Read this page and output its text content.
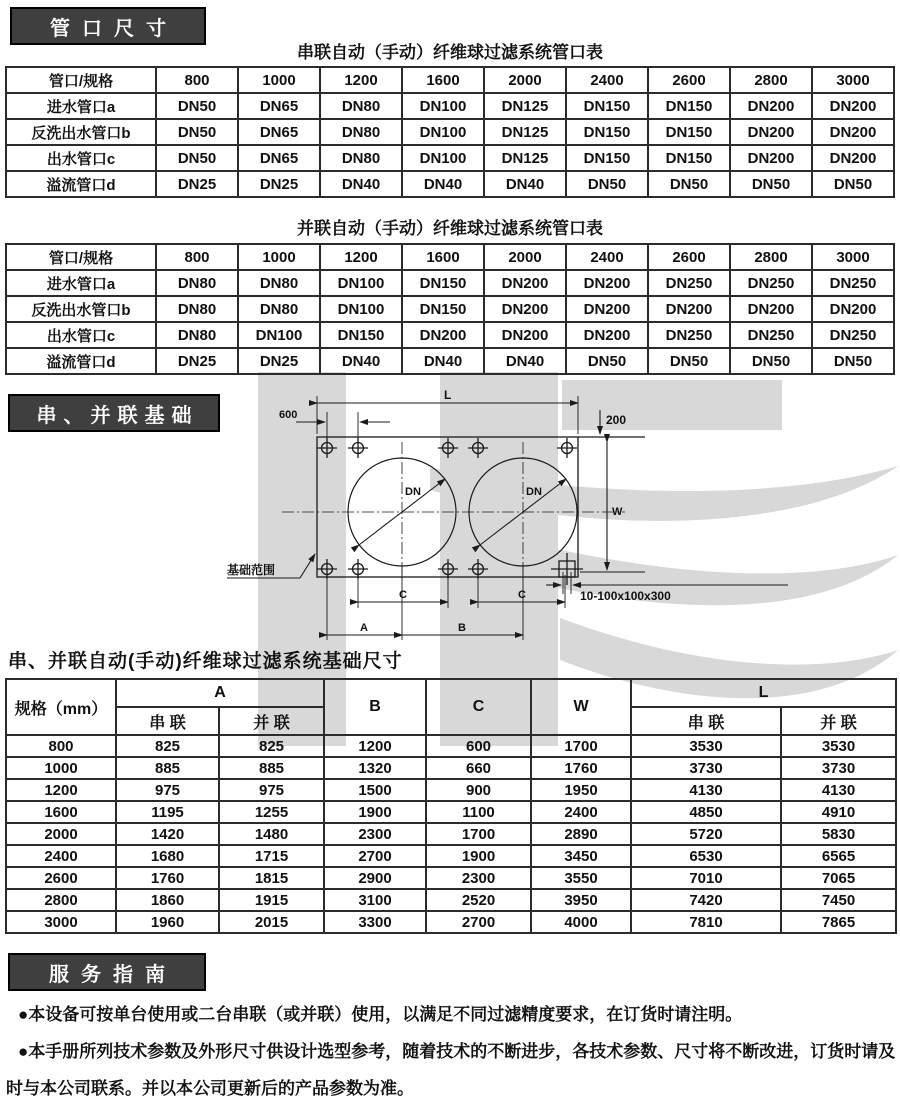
管口尺寸
串联自动（手动）纤维球过滤系统管口表
管口/规格	800	1000	1200	1600	2000	2400	2600	2800	3000
进水管口a	DN50	DN65	DN80	DN100	DN125	DN150	DN150	DN200	DN200
反洗出水管口b	DN50	DN65	DN80	DN100	DN125	DN150	DN150	DN200	DN200
出水管口c	DN50	DN65	DN80	DN100	DN125	DN150	DN150	DN200	DN200
溢流管口d	DN25	DN25	DN40	DN40	DN40	DN50	DN50	DN50	DN50
并联自动（手动）纤维球过滤系统管口表
管口/规格	800	1000	1200	1600	2000	2400	2600	2800	3000
进水管口a	DN80	DN80	DN100	DN150	DN200	DN200	DN250	DN250	DN250
反洗出水管口b	DN80	DN80	DN100	DN150	DN200	DN200	DN200	DN200	DN200
出水管口c	DN80	DN100	DN150	DN200	DN200	DN200	DN250	DN250	DN250
溢流管口d	DN25	DN25	DN40	DN40	DN40	DN50	DN50	DN50	DN50
串、并联基础
L
600	200
W
DN	DN
C	C
A	B
10-100x100x300
基础范围
串、并联自动(手动)纤维球过滤系统基础尺寸
规格（mm）	A		B	C	W	L	
	串 联	并 联				串 联	并 联
800	825	825	1200	600	1700	3530	3530
1000	885	885	1320	660	1760	3730	3730
1200	975	975	1500	900	1950	4130	4130
1600	1195	1255	1900	1100	2400	4850	4910
2000	1420	1480	2300	1700	2890	5720	5830
2400	1680	1715	2700	1900	3450	6530	6565
2600	1760	1815	2900	2300	3550	7010	7065
2800	1860	1915	3100	2520	3950	7420	7450
3000	1960	2015	3300	2700	4000	7810	7865
服务指南

●本设备可按单台使用或二台串联（或并联）使用，以满足不同过滤精度要求，在订货时请注明。

●本手册所列技术参数及外形尺寸供设计选型参考，随着技术的不断进步，各技术参数、尺寸将不断改进，订货时请及时与本公司联系。并以本公司更新后的产品参数为准。
